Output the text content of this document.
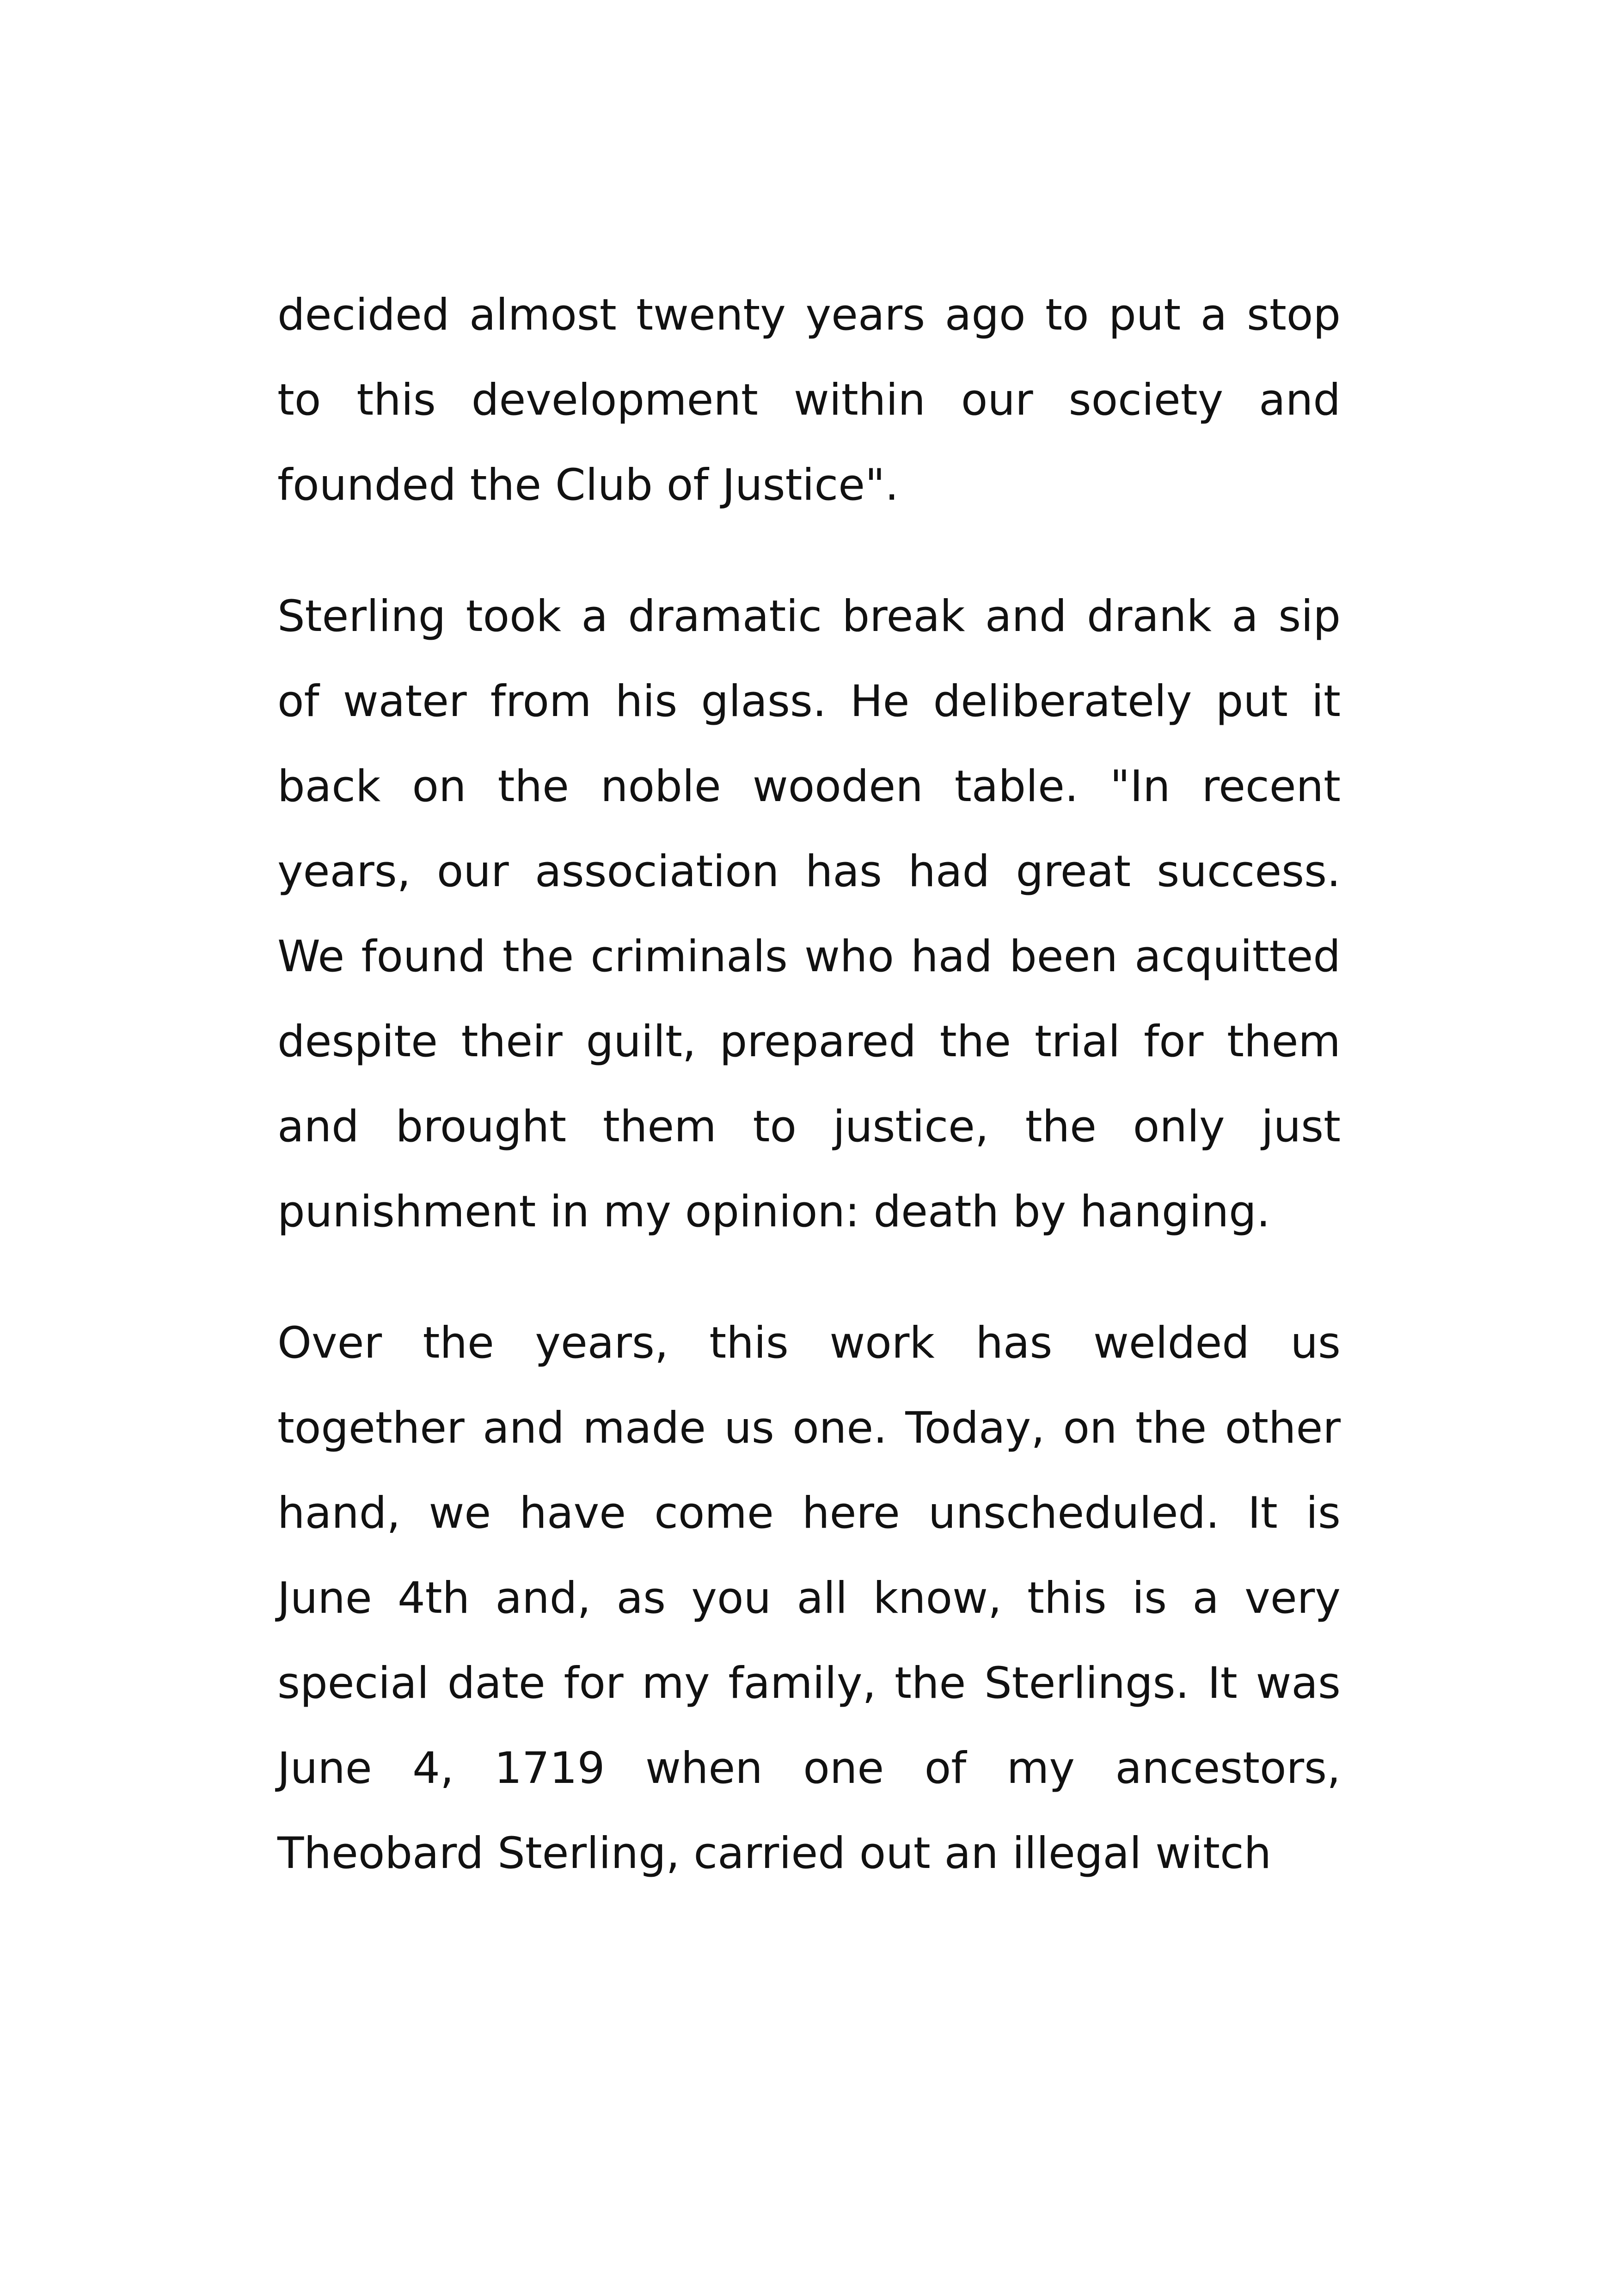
decided almost twenty years ago to put a stop to this development within our society and founded the Club of Justice".

Sterling took a dramatic break and drank a sip of water from his glass. He deliberately put it back on the noble wooden table. "In recent years, our association has had great success. We found the criminals who had been acquitted despite their guilt, prepared the trial for them and brought them to justice, the only just punishment in my opinion: death by hanging.

Over the years, this work has welded us together and made us one. Today, on the other hand, we have come here unscheduled. It is June 4th and, as you all know, this is a very special date for my family, the Sterlings. It was June 4, 1719 when one of my ancestors, Theobard Sterling, carried out an illegal witch
